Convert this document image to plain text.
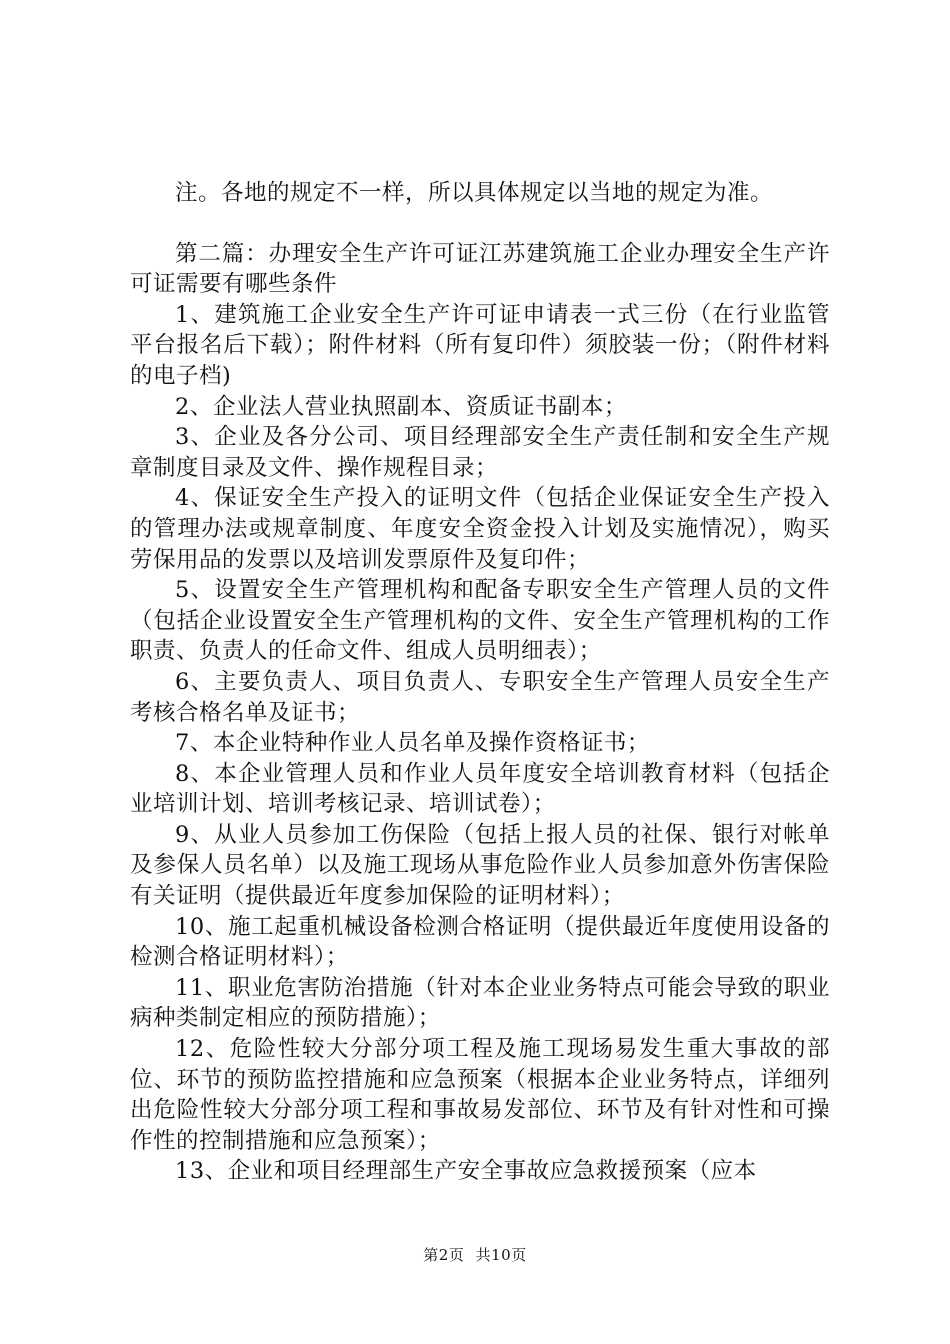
注。各地的规定不一样，所以具体规定以当地的规定为准。

第二篇：办理安全生产许可证江苏建筑施工企业办理安全生产许可证需要有哪些条件

1、建筑施工企业安全生产许可证申请表一式三份（在行业监管平台报名后下载）；附件材料（所有复印件）须胶装一份；（附件材料的电子档)

2、企业法人营业执照副本、资质证书副本；

3、企业及各分公司、项目经理部安全生产责任制和安全生产规章制度目录及文件、操作规程目录；

4、保证安全生产投入的证明文件（包括企业保证安全生产投入的管理办法或规章制度、年度安全资金投入计划及实施情况），购买劳保用品的发票以及培训发票原件及复印件；

5、设置安全生产管理机构和配备专职安全生产管理人员的文件（包括企业设置安全生产管理机构的文件、安全生产管理机构的工作职责、负责人的任命文件、组成人员明细表）；

6、主要负责人、项目负责人、专职安全生产管理人员安全生产考核合格名单及证书；

7、本企业特种作业人员名单及操作资格证书；

8、本企业管理人员和作业人员年度安全培训教育材料（包括企业培训计划、培训考核记录、培训试卷）；

9、从业人员参加工伤保险（包括上报人员的社保、银行对帐单及参保人员名单）以及施工现场从事危险作业人员参加意外伤害保险有关证明（提供最近年度参加保险的证明材料）；

10、施工起重机械设备检测合格证明（提供最近年度使用设备的检测合格证明材料）；

11、职业危害防治措施（针对本企业业务特点可能会导致的职业病种类制定相应的预防措施）；

12、危险性较大分部分项工程及施工现场易发生重大事故的部位、环节的预防监控措施和应急预案（根据本企业业务特点，详细列出危险性较大分部分项工程和事故易发部位、环节及有针对性和可操作性的控制措施和应急预案）；

13、企业和项目经理部生产安全事故应急救援预案（应本

第2页 共10页
